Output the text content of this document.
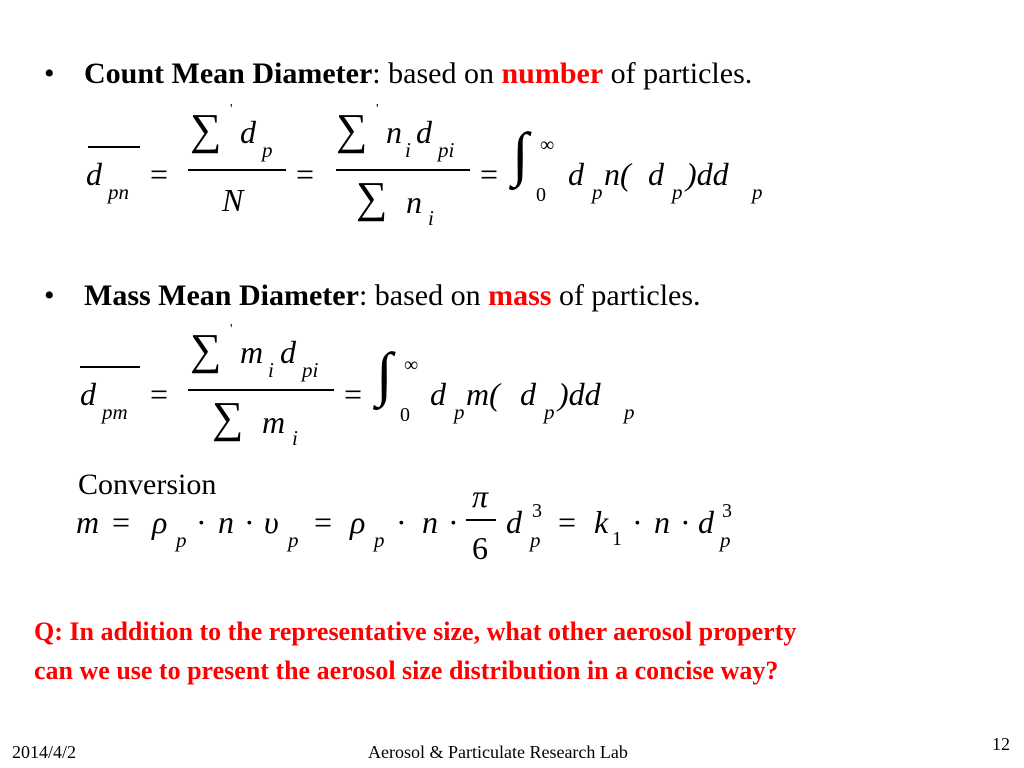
• Count Mean Diameter: based on number of particles.
d pn =
∑ '
d p
N
=
∑ '
n i d pi
∑ n i
= ∫ ∞
0
d p n( d p )dd p
• Mass Mean Diameter: based on mass of particles.
d pm =
∑ '
m i d pi
∑ m i
= ∫ ∞
0
d p m( d p )dd p
Conversion
m = ρ p · n · υ p = ρ p · n ·
π
6
d 3
p = k 1 · n · d 3
p
Q: In addition to the representative size, what other aerosol property
can we use to present the aerosol size distribution in a concise way?
2014/4/2	Aerosol & Particulate Research Lab	12
